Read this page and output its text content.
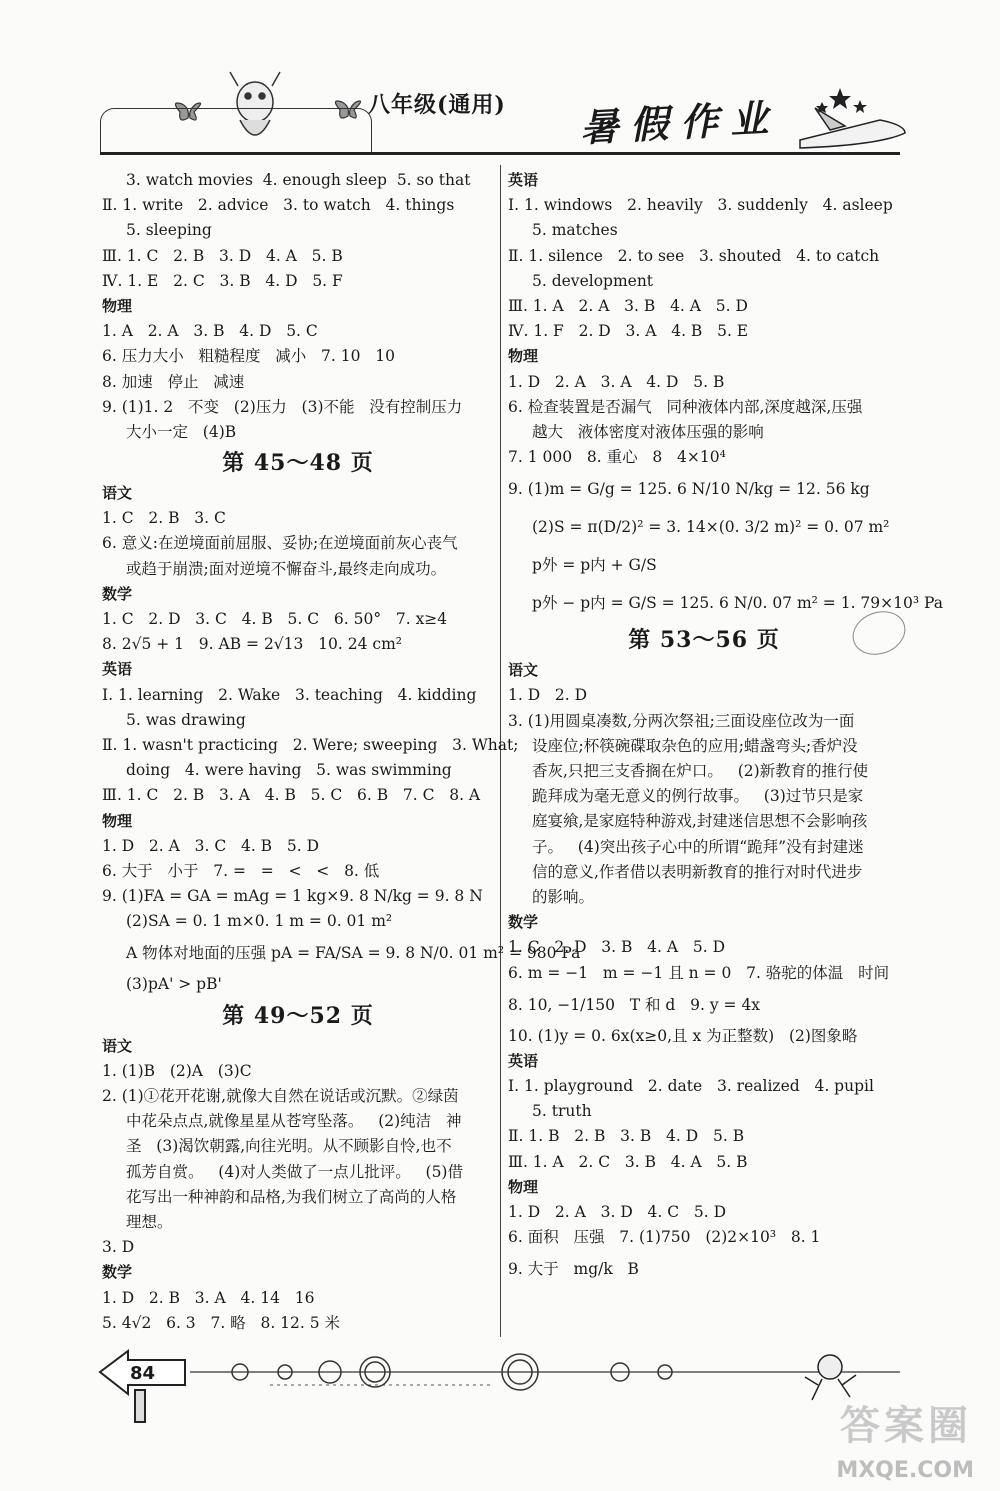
八年级(通用) 暑假作业
3. watch movies  4. enough sleep  5. so that
Ⅱ. 1. write   2. advice   3. to watch   4. things
5. sleeping
Ⅲ. 1. C   2. B   3. D   4. A   5. B
Ⅳ. 1. E   2. C   3. B   4. D   5. F
物理
1. A   2. A   3. B   4. D   5. C
6. 压力大小   粗糙程度   减小   7. 10   10
8. 加速   停止   减速
9. (1)1. 2   不变   (2)压力   (3)不能   没有控制压力
大小一定   (4)B
第 45～48 页
语文
1. C   2. B   3. C
6. 意义:在逆境面前屈服、妥协;在逆境面前灰心丧气
或趋于崩溃;面对逆境不懈奋斗,最终走向成功。
数学
1. C   2. D   3. C   4. B   5. C   6. 50°   7. x≥4
8. 2√5 + 1   9. AB = 2√13   10. 24 cm²
英语
Ⅰ. 1. learning   2. Wake   3. teaching   4. kidding
5. was drawing
Ⅱ. 1. wasn't practicing   2. Were; sweeping   3. What;
doing   4. were having   5. was swimming
Ⅲ. 1. C   2. B   3. A   4. B   5. C   6. B   7. C   8. A
物理
1. D   2. A   3. C   4. B   5. D
6. 大于   小于   7. =   =   <   <   8. 低
9. (1)FA = GA = mAg = 1 kg×9. 8 N/kg = 9. 8 N
(2)SA = 0. 1 m×0. 1 m = 0. 01 m²
A 物体对地面的压强 pA = FA/SA = 9. 8 N/0. 01 m² = 980 Pa
(3)pA' > pB'
第 49～52 页
语文
1. (1)B   (2)A   (3)C
2. (1)①花开花谢,就像大自然在说话或沉默。②绿茵
中花朵点点,就像星星从苍穹坠落。   (2)纯洁   神
圣   (3)渴饮朝露,向往光明。从不顾影自怜,也不
孤芳自赏。   (4)对人类做了一点儿批评。   (5)借
花写出一种神韵和品格,为我们树立了高尚的人格
理想。
3. D
数学
1. D   2. B   3. A   4. 14   16
5. 4√2   6. 3   7. 略   8. 12. 5 米
英语
Ⅰ. 1. windows   2. heavily   3. suddenly   4. asleep
5. matches
Ⅱ. 1. silence   2. to see   3. shouted   4. to catch
5. development
Ⅲ. 1. A   2. A   3. B   4. A   5. D
Ⅳ. 1. F   2. D   3. A   4. B   5. E
物理
1. D   2. A   3. A   4. D   5. B
6. 检查装置是否漏气   同种液体内部,深度越深,压强
越大   液体密度对液体压强的影响
7. 1 000   8. 重心   8   4×10⁴
9. (1)m = G/g = 125. 6 N/10 N/kg = 12. 56 kg
(2)S = π(D/2)² = 3. 14×(0. 3/2 m)² = 0. 07 m²
p外 = p内 + G/S
p外 − p内 = G/S = 125. 6 N/0. 07 m² = 1. 79×10³ Pa
第 53～56 页
语文
1. D   2. D
3. (1)用圆桌凑数,分两次祭祖;三面设座位改为一面
设座位;杯筷碗碟取杂色的应用;蜡盏弯头;香炉没
香灰,只把三支香搁在炉口。   (2)新教育的推行使
跪拜成为毫无意义的例行故事。   (3)过节只是家
庭宴飨,是家庭特种游戏,封建迷信思想不会影响孩
子。   (4)突出孩子心中的所谓“跪拜”没有封建迷
信的意义,作者借以表明新教育的推行对时代进步
的影响。
数学
1. C   2. D   3. B   4. A   5. D
6. m = −1   m = −1 且 n = 0   7. 骆驼的体温   时间
8. 10, −1/150   T 和 d   9. y = 4x
10. (1)y = 0. 6x(x≥0,且 x 为正整数)   (2)图象略
英语
Ⅰ. 1. playground   2. date   3. realized   4. pupil
5. truth
Ⅱ. 1. B   2. B   3. B   4. D   5. B
Ⅲ. 1. A   2. C   3. B   4. A   5. B
物理
1. D   2. A   3. D   4. C   5. D
6. 面积   压强   7. (1)750   (2)2×10³   8. 1
9. 大于   mg/k   B
84
答案圈
MXQE.COM
